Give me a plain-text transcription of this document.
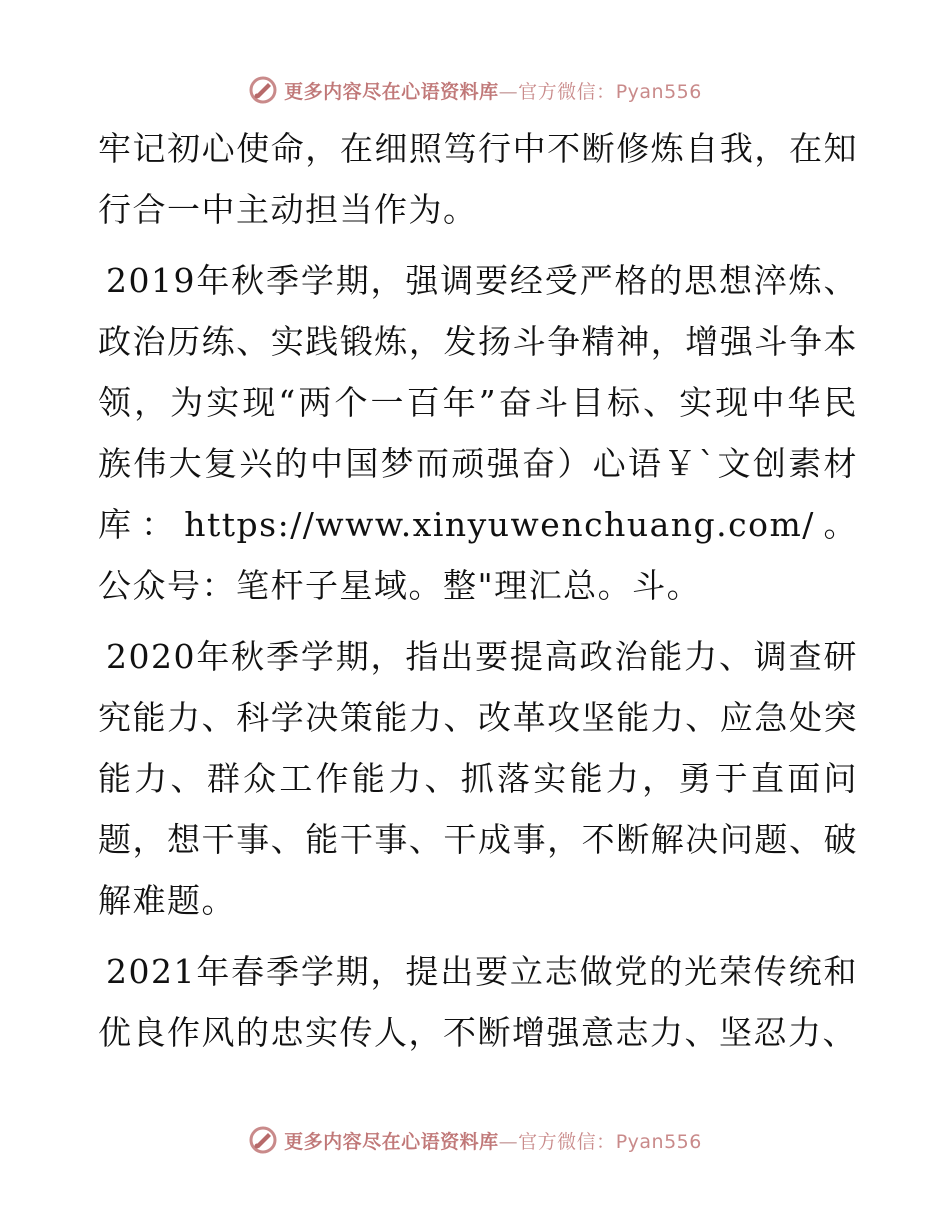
更多内容尽在心语资料库—官方微信：Pyan556

牢记初心使命，在细照笃行中不断修炼自我，在知行合一中主动担当作为。

2019年秋季学期，强调要经受严格的思想淬炼、政治历练、实践锻炼，发扬斗争精神，增强斗争本领，为实现“两个一百年”奋斗目标、实现中华民族伟大复兴的中国梦而顽强奋）心语￥`文创素材库：https://www.xinyuwenchuang.com/。公众号：笔杆子星域。整"理汇总。斗。

2020年秋季学期，指出要提高政治能力、调查研究能力、科学决策能力、改革攻坚能力、应急处突能力、群众工作能力、抓落实能力，勇于直面问题，想干事、能干事、干成事，不断解决问题、破解难题。

2021年春季学期，提出要立志做党的光荣传统和优良作风的忠实传人，不断增强意志力、坚忍力、

更多内容尽在心语资料库—官方微信：Pyan556
